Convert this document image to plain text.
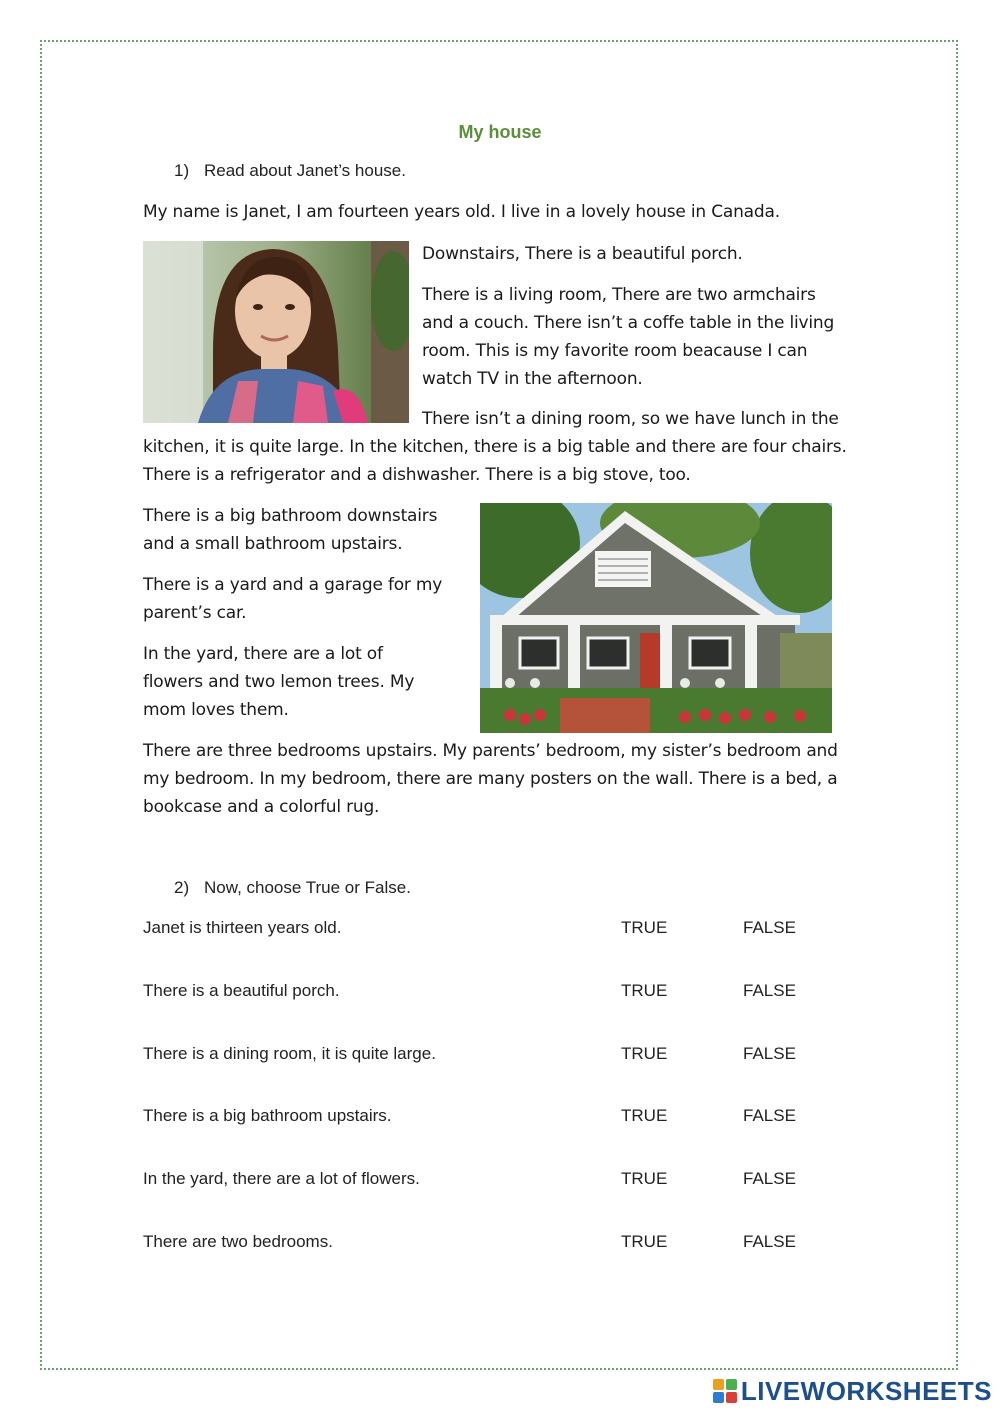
My house
1) Read about Janet’s house.

My name is Janet, I am fourteen years old. I live in a lovely house in Canada.

Downstairs, There is a beautiful porch.

There is a living room, There are two armchairs and a couch. There isn’t a coffe table in the living room. This is my favorite room beacause I can watch TV in the afternoon.

There isn’t a dining room, so we have lunch in the kitchen, it is quite large. In the kitchen, there is a big table and there are four chairs. There is a refrigerator and a dishwasher. There is a big stove, too.

There is a big bathroom downstairs and a small bathroom upstairs.

There is a yard and a garage for my parent’s car.

In the yard, there are a lot of flowers and two lemon trees. My mom loves them.

There are three bedrooms upstairs. My parents’ bedroom, my sister’s bedroom and my bedroom. In my bedroom, there are many posters on the wall. There is a bed, a bookcase and a colorful rug.

2) Now, choose True or False.
Janet is thirteen years old.	TRUE	FALSE
There is a beautiful porch.	TRUE	FALSE
There is a dining room, it is quite large.	TRUE	FALSE
There is a big bathroom upstairs.	TRUE	FALSE
In the yard, there are a lot of flowers.	TRUE	FALSE
There are two bedrooms.	TRUE	FALSE
LIVEWORKSHEETS
